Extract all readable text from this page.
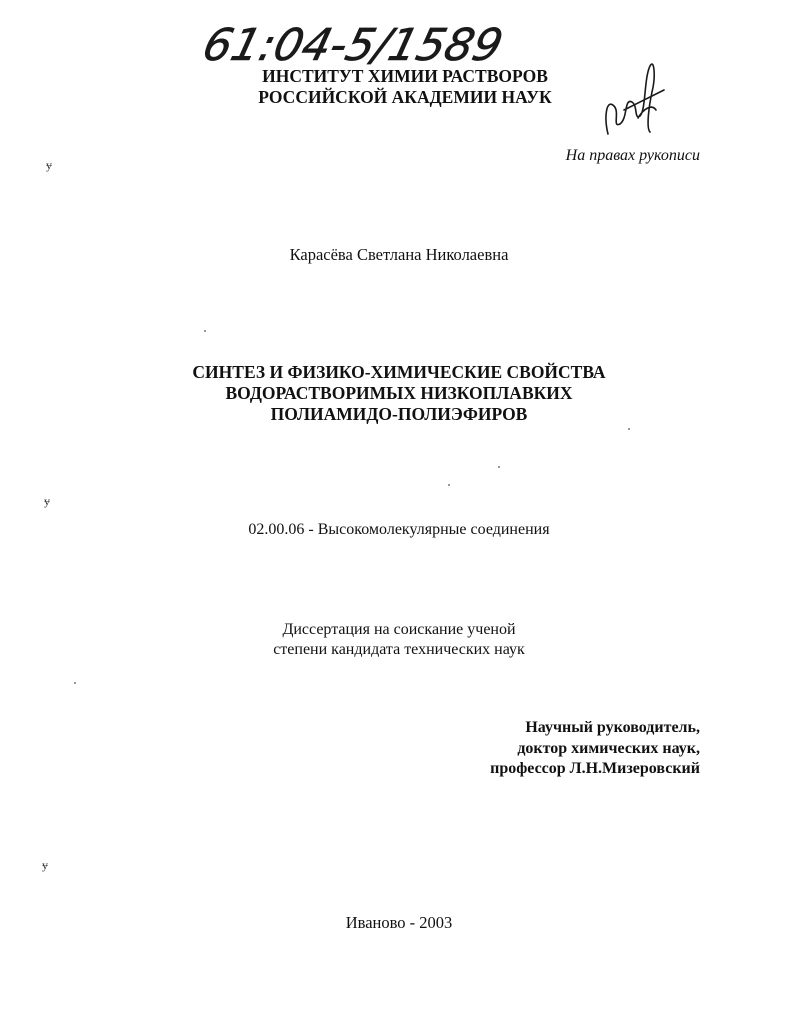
61:04-5/1589
ИНСТИТУТ ХИМИИ РАСТВОРОВ
РОССИЙСКОЙ АКАДЕМИИ НАУК
На правах рукописи
ɏ
ɏ
ɏ
Карасёва Светлана Николаевна
СИНТЕЗ И ФИЗИКО-ХИМИЧЕСКИЕ СВОЙСТВА
ВОДОРАСТВОРИМЫХ НИЗКОПЛАВКИХ
ПОЛИАМИДО-ПОЛИЭФИРОВ
02.00.06 - Высокомолекулярные соединения
Диссертация на соискание ученой
степени кандидата технических наук
Научный руководитель,
доктор химических наук,
профессор Л.Н.Мизеровский
Иваново - 2003
